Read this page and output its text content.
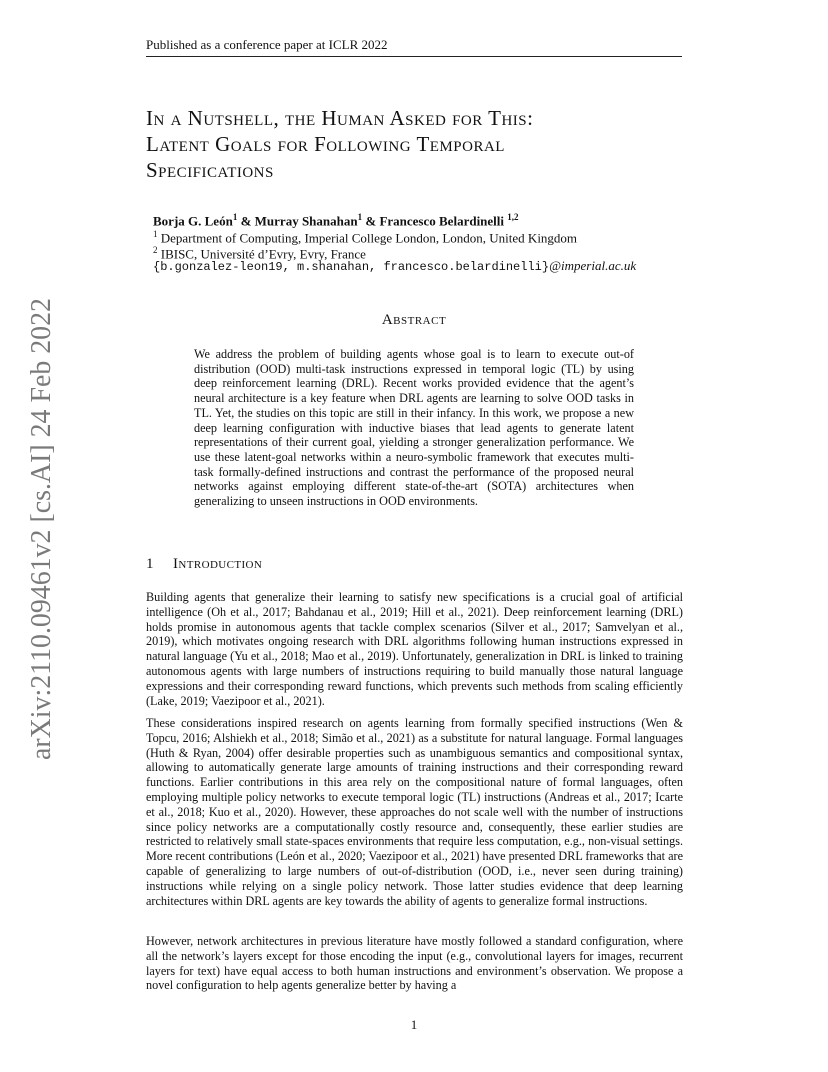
Published as a conference paper at ICLR 2022
arXiv:2110.09461v2 [cs.AI] 24 Feb 2022
In a Nutshell, the Human Asked for This:
Latent Goals for Following Temporal
Specifications
Borja G. León$^1$ & Murray Shanahan$^1$ & Francesco Belardinelli $^{1,2}$
$^1$ Department of Computing, Imperial College London, London, United Kingdom
$^2$ IBISC, Université d’Evry, Evry, France
{b.gonzalez-leon19, m.shanahan, francesco.belardinelli}@imperial.ac.uk
Abstract
We address the problem of building agents whose goal is to learn to execute out-of distribution (OOD) multi-task instructions expressed in temporal logic (TL) by using deep reinforcement learning (DRL). Recent works provided evidence that the agent’s neural architecture is a key feature when DRL agents are learning to solve OOD tasks in TL. Yet, the studies on this topic are still in their infancy. In this work, we propose a new deep learning configuration with inductive biases that lead agents to generate latent representations of their current goal, yielding a stronger generalization performance. We use these latent-goal networks within a neuro-symbolic framework that executes multi-task formally-defined instructions and contrast the performance of the proposed neural networks against employing different state-of-the-art (SOTA) architectures when generalizing to unseen instructions in OOD environments.
1 Introduction
Building agents that generalize their learning to satisfy new specifications is a crucial goal of artificial intelligence (Oh et al., 2017; Bahdanau et al., 2019; Hill et al., 2021). Deep reinforcement learning (DRL) holds promise in autonomous agents that tackle complex scenarios (Silver et al., 2017; Samvelyan et al., 2019), which motivates ongoing research with DRL algorithms following human instructions expressed in natural language (Yu et al., 2018; Mao et al., 2019). Unfortunately, generalization in DRL is linked to training autonomous agents with large numbers of instructions requiring to build manually those natural language expressions and their corresponding reward functions, which prevents such methods from scaling efficiently (Lake, 2019; Vaezipoor et al., 2021).
These considerations inspired research on agents learning from formally specified instructions (Wen & Topcu, 2016; Alshiekh et al., 2018; Simão et al., 2021) as a substitute for natural language. Formal languages (Huth & Ryan, 2004) offer desirable properties such as unambiguous semantics and compositional syntax, allowing to automatically generate large amounts of training instructions and their corresponding reward functions. Earlier contributions in this area rely on the compositional nature of formal languages, often employing multiple policy networks to execute temporal logic (TL) instructions (Andreas et al., 2017; Icarte et al., 2018; Kuo et al., 2020). However, these approaches do not scale well with the number of instructions since policy networks are a computationally costly resource and, consequently, these earlier studies are restricted to relatively small state-spaces environments that require less computation, e.g., non-visual settings. More recent contributions (León et al., 2020; Vaezipoor et al., 2021) have presented DRL frameworks that are capable of generalizing to large numbers of out-of-distribution (OOD, i.e., never seen during training) instructions while relying on a single policy network. Those latter studies evidence that deep learning architectures within DRL agents are key towards the ability of agents to generalize formal instructions.
However, network architectures in previous literature have mostly followed a standard configuration, where all the network’s layers except for those encoding the input (e.g., convolutional layers for images, recurrent layers for text) have equal access to both human instructions and environment’s observation. We propose a novel configuration to help agents generalize better by having a
1
